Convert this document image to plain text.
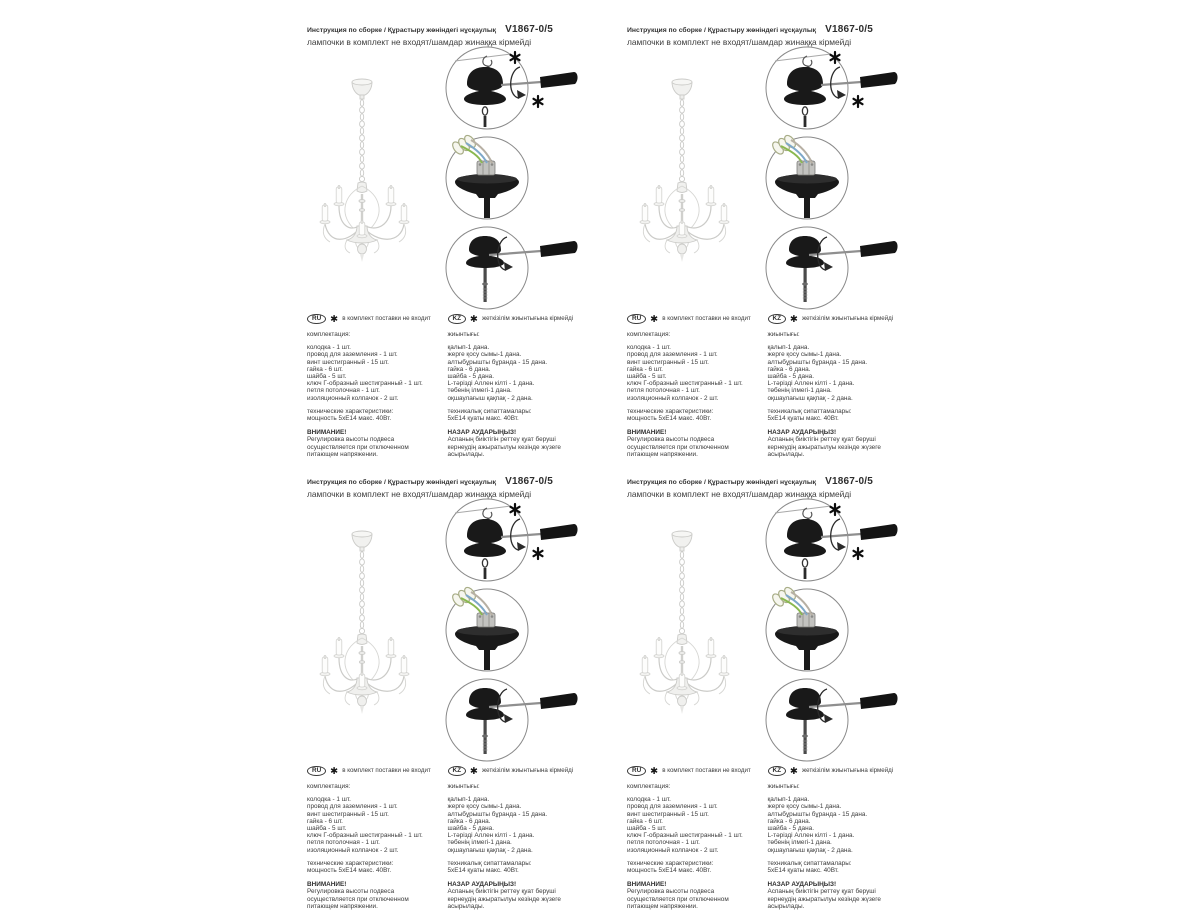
Инструкция по сборке / Құрастыру жөніндегі нұсқаулық V1867-0/5
лампочки в комплект не входят/шамдар жинаққа кірмейді
RU ✱ в комплект поставки не входит
комплектация:
колодка - 1 шт.
провод для заземления - 1 шт.
винт шестигранный - 15 шт.
гайка - 6 шт.
шайба - 5 шт.
ключ Г-образный шестигранный - 1 шт.
петля потолочная - 1 шт.
изоляционный колпачок - 2 шт.
технические характеристики:
мощность 5xE14 макс. 40Вт.
ВНИМАНИЕ!
Регулировка высоты подвеса осуществляется при отключенном питающем напряжении.
KZ ✱ жеткізілім жиынтығына кірмейді
жиынтығы:
қалып-1 дана.
жерге қосу сымы-1 дана.
алтыбұрышты бұранда - 15 дана.
гайка - 6 дана.
шайба - 5 дана.
L-тәрізді Аллен кілті - 1 дана.
төбенің ілмегі-1 дана.
оқшаулағыш қақпақ - 2 дана.
техникалық сипаттамалары:
5xE14 қуаты макс. 40Вт.
НАЗАР АУДАРЫҢЫЗ!
Аспаның биіктігін реттеу қуат беруші кернеудің ажыратылуы кезінде жүзеге асырылады.
Инструкция по сборке / Құрастыру жөніндегі нұсқаулық V1867-0/5
лампочки в комплект не входят/шамдар жинаққа кірмейді
RU ✱ в комплект поставки не входит
комплектация:
колодка - 1 шт.
провод для заземления - 1 шт.
винт шестигранный - 15 шт.
гайка - 6 шт.
шайба - 5 шт.
ключ Г-образный шестигранный - 1 шт.
петля потолочная - 1 шт.
изоляционный колпачок - 2 шт.
технические характеристики:
мощность 5xE14 макс. 40Вт.
ВНИМАНИЕ!
Регулировка высоты подвеса осуществляется при отключенном питающем напряжении.
KZ ✱ жеткізілім жиынтығына кірмейді
жиынтығы:
қалып-1 дана.
жерге қосу сымы-1 дана.
алтыбұрышты бұранда - 15 дана.
гайка - 6 дана.
шайба - 5 дана.
L-тәрізді Аллен кілті - 1 дана.
төбенің ілмегі-1 дана.
оқшаулағыш қақпақ - 2 дана.
техникалық сипаттамалары:
5xE14 қуаты макс. 40Вт.
НАЗАР АУДАРЫҢЫЗ!
Аспаның биіктігін реттеу қуат беруші кернеудің ажыратылуы кезінде жүзеге асырылады.
Инструкция по сборке / Құрастыру жөніндегі нұсқаулық V1867-0/5
лампочки в комплект не входят/шамдар жинаққа кірмейді
RU ✱ в комплект поставки не входит
комплектация:
колодка - 1 шт.
провод для заземления - 1 шт.
винт шестигранный - 15 шт.
гайка - 6 шт.
шайба - 5 шт.
ключ Г-образный шестигранный - 1 шт.
петля потолочная - 1 шт.
изоляционный колпачок - 2 шт.
технические характеристики:
мощность 5xE14 макс. 40Вт.
ВНИМАНИЕ!
Регулировка высоты подвеса осуществляется при отключенном питающем напряжении.
KZ ✱ жеткізілім жиынтығына кірмейді
жиынтығы:
қалып-1 дана.
жерге қосу сымы-1 дана.
алтыбұрышты бұранда - 15 дана.
гайка - 6 дана.
шайба - 5 дана.
L-тәрізді Аллен кілті - 1 дана.
төбенің ілмегі-1 дана.
оқшаулағыш қақпақ - 2 дана.
техникалық сипаттамалары:
5xE14 қуаты макс. 40Вт.
НАЗАР АУДАРЫҢЫЗ!
Аспаның биіктігін реттеу қуат беруші кернеудің ажыратылуы кезінде жүзеге асырылады.
Инструкция по сборке / Құрастыру жөніндегі нұсқаулық V1867-0/5
лампочки в комплект не входят/шамдар жинаққа кірмейді
RU ✱ в комплект поставки не входит
комплектация:
колодка - 1 шт.
провод для заземления - 1 шт.
винт шестигранный - 15 шт.
гайка - 6 шт.
шайба - 5 шт.
ключ Г-образный шестигранный - 1 шт.
петля потолочная - 1 шт.
изоляционный колпачок - 2 шт.
технические характеристики:
мощность 5xE14 макс. 40Вт.
ВНИМАНИЕ!
Регулировка высоты подвеса осуществляется при отключенном питающем напряжении.
KZ ✱ жеткізілім жиынтығына кірмейді
жиынтығы:
қалып-1 дана.
жерге қосу сымы-1 дана.
алтыбұрышты бұранда - 15 дана.
гайка - 6 дана.
шайба - 5 дана.
L-тәрізді Аллен кілті - 1 дана.
төбенің ілмегі-1 дана.
оқшаулағыш қақпақ - 2 дана.
техникалық сипаттамалары:
5xE14 қуаты макс. 40Вт.
НАЗАР АУДАРЫҢЫЗ!
Аспаның биіктігін реттеу қуат беруші кернеудің ажыратылуы кезінде жүзеге асырылады.
